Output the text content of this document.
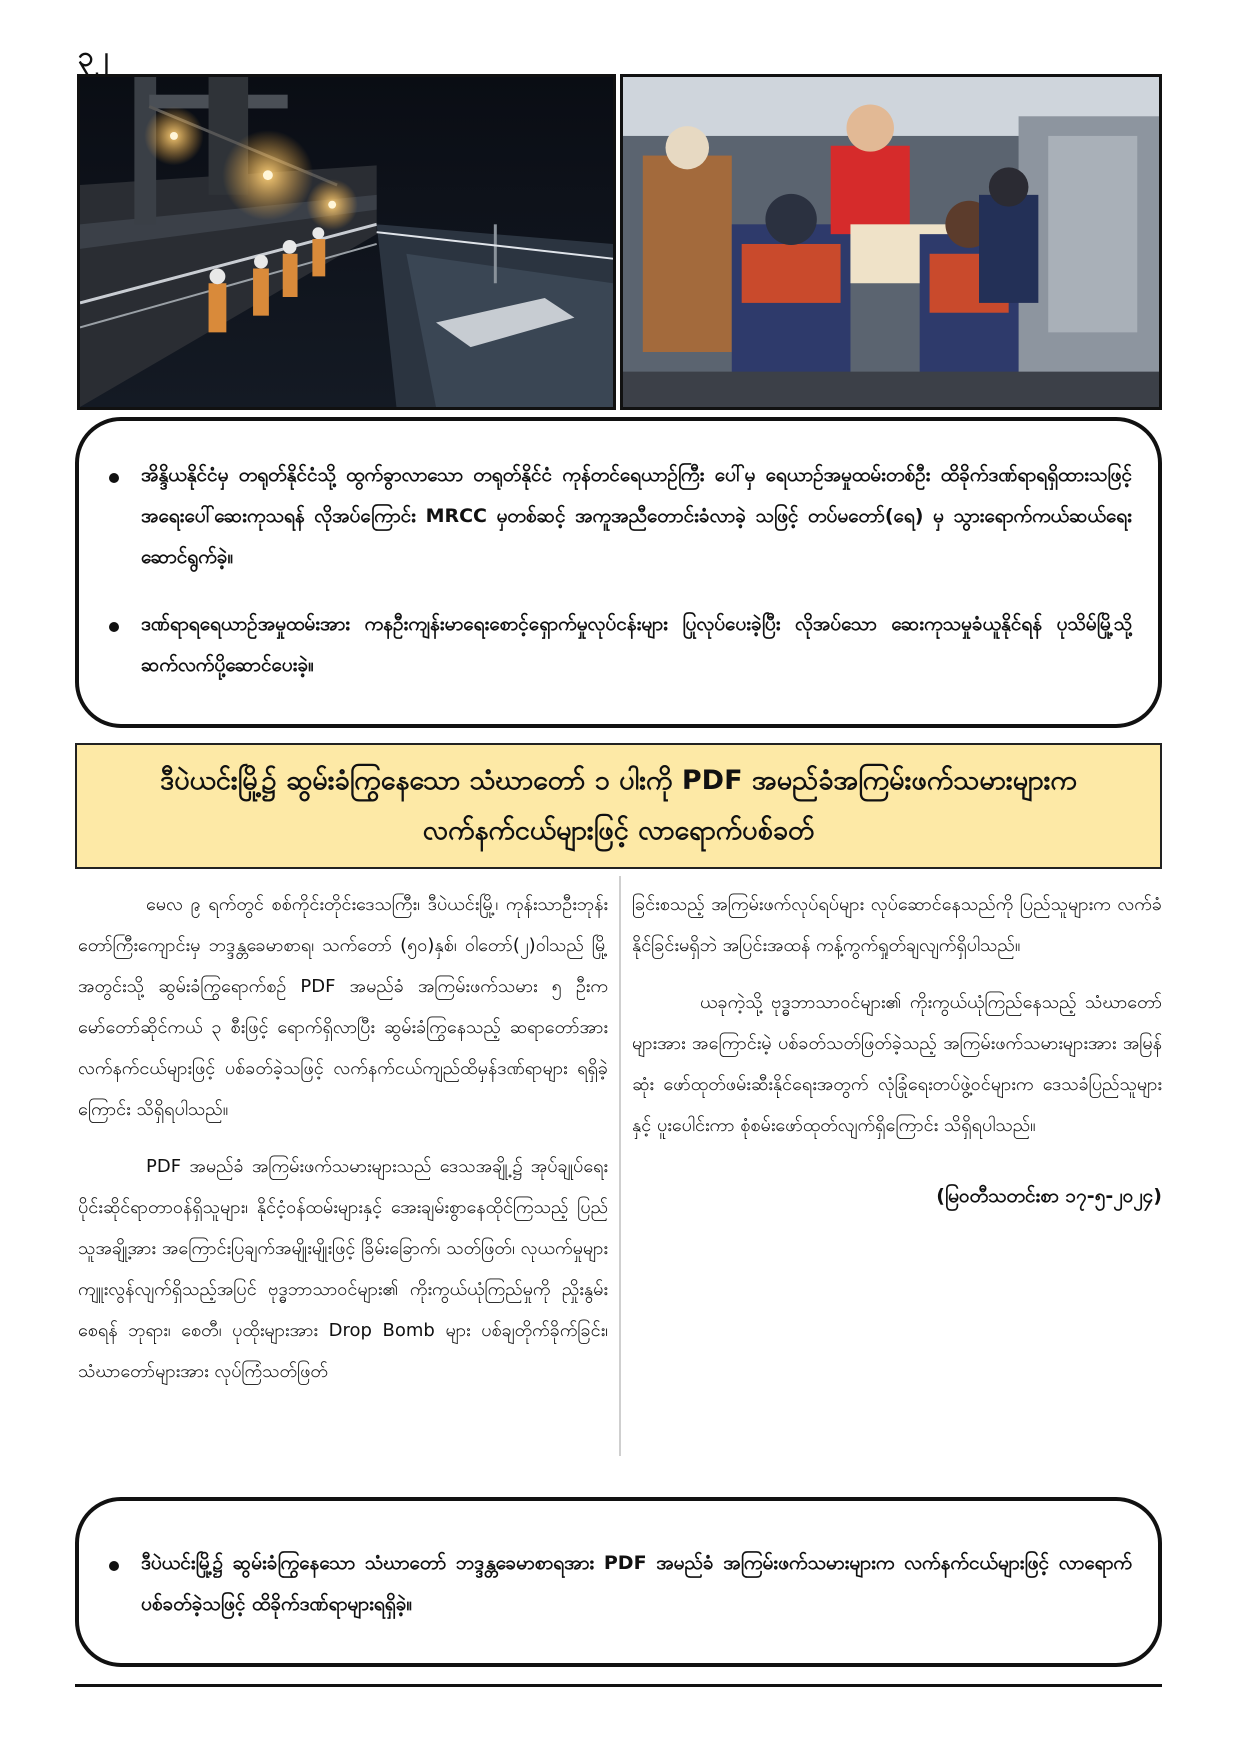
၃၂
အိန္ဒိယနိုင်ငံမှ တရုတ်နိုင်ငံသို့ ထွက်ခွာလာသော တရုတ်နိုင်ငံ ကုန်တင်ရေယာဉ်ကြီး ပေါ်မှ ရေယာဉ်အမှုထမ်းတစ်ဦး ထိခိုက်ဒဏ်ရာရရှိထားသဖြင့် အရေးပေါ်ဆေးကုသရန် လိုအပ်ကြောင်း MRCC မှတစ်ဆင့် အကူအညီတောင်းခံလာခဲ့ သဖြင့် တပ်မတော်(ရေ) မှ သွားရောက်ကယ်ဆယ်ရေးဆောင်ရွက်ခဲ့။
ဒဏ်ရာရရေယာဉ်အမှုထမ်းအား ကနဦးကျန်းမာရေးစောင့်ရှောက်မှုလုပ်ငန်းများ ပြုလုပ်ပေးခဲ့ပြီး လိုအပ်သော ဆေးကုသမှုခံယူနိုင်ရန် ပုသိမ်မြို့သို့ ဆက်လက်ပို့ဆောင်ပေးခဲ့။
ဒီပဲယင်းမြို့၌ ဆွမ်းခံကြွနေသော သံဃာတော် ၁ ပါးကို PDF အမည်ခံအကြမ်းဖက်သမားများက လက်နက်ငယ်များဖြင့် လာရောက်ပစ်ခတ်

မေလ ၉ ရက်တွင် စစ်ကိုင်းတိုင်းဒေသကြီး၊ ဒီပဲယင်းမြို့၊ ကုန်းသာဦးဘုန်းတော်ကြီးကျောင်းမှ ဘဒ္ဒန္တခေမာစာရ၊ သက်တော် (၅၀)နှစ်၊ ဝါတော်(၂)ဝါသည် မြို့အတွင်းသို့ ဆွမ်းခံကြွရောက်စဉ် PDF အမည်ခံ အကြမ်းဖက်သမား ၅ ဦးက မော်တော်ဆိုင်ကယ် ၃ စီးဖြင့် ရောက်ရှိလာပြီး ဆွမ်းခံကြွနေသည့် ဆရာတော်အား လက်နက်ငယ်များဖြင့် ပစ်ခတ်ခဲ့သဖြင့် လက်နက်ငယ်ကျည်ထိမှန်ဒဏ်ရာများ ရရှိခဲ့ကြောင်း သိရှိရပါသည်။

PDF အမည်ခံ အကြမ်းဖက်သမားများသည် ဒေသအချို့၌ အုပ်ချုပ်ရေးပိုင်းဆိုင်ရာတာဝန်ရှိသူများ၊ နိုင်ငံ့ဝန်ထမ်းများနှင့် အေးချမ်းစွာနေထိုင်ကြသည့် ပြည်သူအချို့အား အကြောင်းပြချက်အမျိုးမျိုးဖြင့် ခြိမ်းခြောက်၊ သတ်ဖြတ်၊ လုယက်မှုများ ကျူးလွန်လျက်ရှိသည့်အပြင် ဗုဒ္ဓဘာသာဝင်များ၏ ကိုးကွယ်ယုံကြည်မှုကို ညှိုးနွမ်းစေရန် ဘုရား၊ စေတီ၊ ပုထိုးများအား Drop Bomb များ ပစ်ချတိုက်ခိုက်ခြင်း၊ သံဃာတော်များအား လုပ်ကြံသတ်ဖြတ်

ခြင်းစသည့် အကြမ်းဖက်လုပ်ရပ်များ လုပ်ဆောင်နေသည်ကို ပြည်သူများက လက်ခံနိုင်ခြင်းမရှိဘဲ အပြင်းအထန် ကန့်ကွက်ရှုတ်ချလျက်ရှိပါသည်။

ယခုကဲ့သို့ ဗုဒ္ဓဘာသာဝင်များ၏ ကိုးကွယ်ယုံကြည်နေသည့် သံဃာတော်များအား အကြောင်းမဲ့ ပစ်ခတ်သတ်ဖြတ်ခဲ့သည့် အကြမ်းဖက်သမားများအား အမြန်ဆုံး ဖော်ထုတ်ဖမ်းဆီးနိုင်ရေးအတွက် လုံခြုံရေးတပ်ဖွဲ့ဝင်များက ဒေသခံပြည်သူများနှင့် ပူးပေါင်းကာ စုံစမ်းဖော်ထုတ်လျက်ရှိကြောင်း သိရှိရပါသည်။

(မြဝတီသတင်းစာ ၁၇-၅-၂၀၂၄)
ဒီပဲယင်းမြို့၌ ဆွမ်းခံကြွနေသော သံဃာတော် ဘဒ္ဒန္တခေမာစာရအား PDF အမည်ခံ အကြမ်းဖက်သမားများက လက်နက်ငယ်များဖြင့် လာရောက်ပစ်ခတ်ခဲ့သဖြင့် ထိခိုက်ဒဏ်ရာများရရှိခဲ့။
